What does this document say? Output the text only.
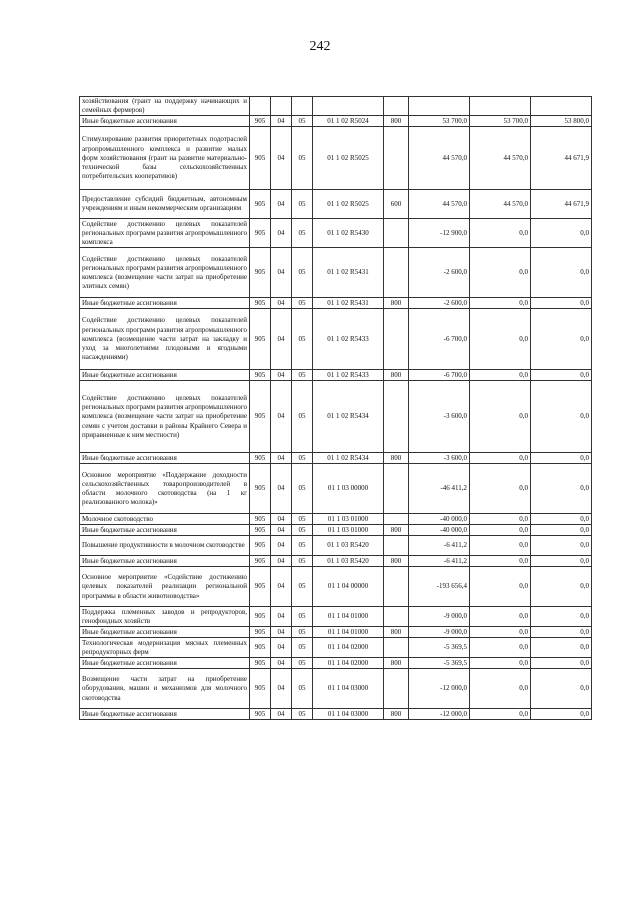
242
хозяйствования (грант на поддержку начинающих и семейных фермеров)								
Иные бюджетные ассигнования	905	04	05	01 1 02 R5024	800	53 700,0	53 700,0	53 800,0
Стимулирование развития приоритетных подотраслей агропромышленного комплекса и развитие малых форм хозяйствования (грант на развитие материально-технической базы сельскохозяйственных потребительских кооперативов)	905	04	05	01 1 02 R5025		44 570,0	44 570,0	44 671,9
Предоставление субсидий бюджетным, автономным учреждениям и иным некоммерческим организациям	905	04	05	01 1 02 R5025	600	44 570,0	44 570,0	44 671,9
Содействие достижению целевых показателей региональных программ развития агропромышленного комплекса	905	04	05	01 1 02 R5430		-12 900,0	0,0	0,0
Содействие достижению целевых показателей региональных программ развития агропромышленного комплекса (возмещение части затрат на приобретение элитных семян)	905	04	05	01 1 02 R5431		-2 600,0	0,0	0,0
Иные бюджетные ассигнования	905	04	05	01 1 02 R5431	800	-2 600,0	0,0	0,0
Содействие достижению целевых показателей региональных программ развития агропромышленного комплекса (возмещение части затрат на закладку и уход за многолетними плодовыми и ягодными насаждениями)	905	04	05	01 1 02 R5433		-6 700,0	0,0	0,0
Иные бюджетные ассигнования	905	04	05	01 1 02 R5433	800	-6 700,0	0,0	0,0
Содействие достижению целевых показателей региональных программ развития агропромышленного комплекса (возмещение части затрат на приобретение семян с учетом доставки в районы Крайнего Севера и приравненные к ним местности)	905	04	05	01 1 02 R5434		-3 600,0	0,0	0,0
Иные бюджетные ассигнования	905	04	05	01 1 02 R5434	800	-3 600,0	0,0	0,0
Основное мероприятие «Поддержание доходности сельскохозяйственных товаропроизводителей в области молочного скотоводства (на 1 кг реализованного молока)»	905	04	05	01 1 03 00000		-46 411,2	0,0	0,0
Молочное скотоводство	905	04	05	01 1 03 01000		-40 000,0	0,0	0,0
Иные бюджетные ассигнования	905	04	05	01 1 03 01000	800	-40 000,0	0,0	0,0
Повышение продуктивности в молочном скотоводстве	905	04	05	01 1 03 R5420		-6 411,2	0,0	0,0
Иные бюджетные ассигнования	905	04	05	01 1 03 R5420	800	-6 411,2	0,0	0,0
Основное мероприятие «Содействие достижению целевых показателей реализации региональной программы в области животноводства»	905	04	05	01 1 04 00000		-193 656,4	0,0	0,0
Поддержка племенных заводов и репродукторов, генофондных хозяйств	905	04	05	01 1 04 01000		-9 000,0	0,0	0,0
Иные бюджетные ассигнования	905	04	05	01 1 04 01000	800	-9 000,0	0,0	0,0
Технологическая модернизация мясных племенных репродукторных ферм	905	04	05	01 1 04 02000		-5 369,5	0,0	0,0
Иные бюджетные ассигнования	905	04	05	01 1 04 02000	800	-5 369,5	0,0	0,0
Возмещение части затрат на приобретение оборудования, машин и механизмов для молочного скотоводства	905	04	05	01 1 04 03000		-12 000,0	0,0	0,0
Иные бюджетные ассигнования	905	04	05	01 1 04 03000	800	-12 000,0	0,0	0,0
